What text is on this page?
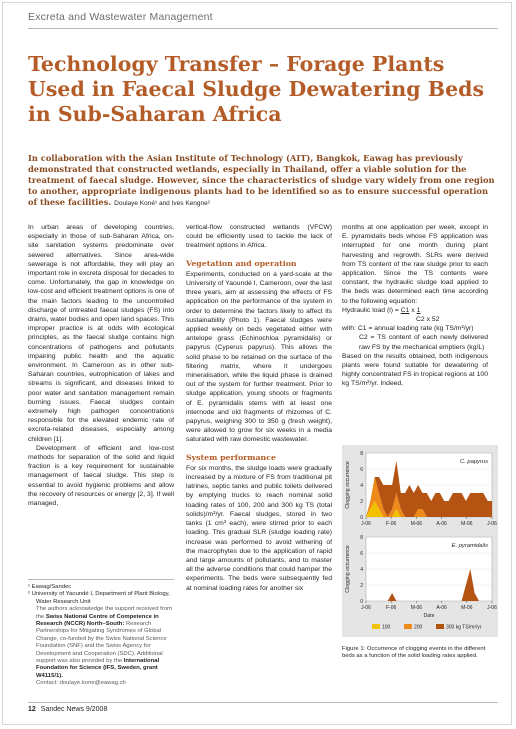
Excreta and Wastewater Management
Technology Transfer – Forage Plants Used in Faecal Sludge Dewatering Beds in Sub-Saharan Africa

In collaboration with the Asian Institute of Technology (AIT), Bangkok, Eawag has previously demonstrated that constructed wetlands, especially in Thailand, offer a viable solution for the treatment of faecal sludge. However, since the characteristics of sludge vary widely from one region to another, appropriate indigenous plants had to be identified so as to ensure successful operation of these facilities. Doulaye Koné¹ and Ives Kengne²

In urban areas of developing countries, especially in those of sub-Saharan Africa, on-site sanitation systems predominate over sewered alternatives. Since area-wide sewerage is not affordable, they will play an important role in excreta disposal for decades to come. Unfortunately, the gap in knowledge on low-cost and efficient treatment options is one of the main factors leading to the uncontrolled discharge of untreated faecal sludges (FS) into drains, water bodies and open land spaces. This improper practice is at odds with ecological principles, as the faecal sludge contains high concentrations of pathogens and pollutants impairing public health and the aquatic environment. In Cameroon as in other sub-Saharan countries, eutrophication of lakes and streams is significant, and diseases linked to poor water and sanitation management remain burning issues. Faecal sludges contain extremely high pathogen concentrations responsible for the elevated endemic rate of excreta-related diseases, especially among children [1].

Development of efficient and low-cost methods for separation of the solid and liquid fraction is a key requirement for sustainable management of faecal sludge. This step is essential to avoid hygienic problems and allow the recovery of resources or energy [2, 3]. If well managed,

¹ Eawag/Sandec

² University of Yaoundé I, Department of Plant Biology, Water Research Unit

The authors acknowledge the support received from the Swiss National Centre of Competence in Research (NCCR) North–South: Research Partnerships for Mitigating Syndromes of Global Change, co-funded by the Swiss National Science Foundation (SNF) and the Swiss Agency for Development and Cooperation (SDC). Additional support was also provided by the International Foundation for Science (IFS, Sweden, grant W4115/1).

Contact: doulaye.kone@eawag.ch

vertical-flow constructed wetlands (VFCW) could be efficiently used to tackle the lack of treatment options in Africa.

Vegetation and operation

Experiments, conducted on a yard-scale at the University of Yaoundé I, Cameroon, over the last three years, aim at assessing the effects of FS application on the performance of the system in order to determine the factors likely to affect its sustainability (Photo 1). Faecal sludges were applied weekly on beds vegetated either with antelope grass (Echinochloa pyramidalis) or papyrus (Cyperus papyrus). This allows the solid phase to be retained on the surface of the filtering matrix, where it undergoes mineralisation, while the liquid phase is drained out of the system for further treatment. Prior to sludge application, young shoots or fragments of E. pyramidalis stems with at least one internode and old fragments of rhizomes of C. papyrus, weighing 300 to 350 g (fresh weight), were allowed to grow for six weeks in a media saturated with raw domestic wastewater.

System performance

For six months, the sludge loads were gradually increased by a mixture of FS from traditional pit latrines, septic tanks and public toilets delivered by emptying trucks to reach nominal solid loading rates of 100, 200 and 300 kg TS (total solids)/m²/yr. Faecal sludges, stored in two tanks (1 cm³ each), were stirred prior to each loading. This gradual SLR (sludge loading rate) increase was performed to avoid withering of the macrophytes due to the application of rapid and large amounts of pollutants, and to master all the adverse conditions that could hamper the experiments. The beds were subsequently fed at nominal loading rates for another six

months at one application per week, except in E. pyramidalis beds whose FS application was interrupted for one month during plant harvesting and regrowth. SLRs were derived from TS content of the raw sludge prior to each application. Since the TS contents were constant, the hydraulic sludge load applied to the beds was determined each time according to the following equation:

Hydraulic load (l) = C1 x 1
C2 x 52

with: C1 = annual loading rate (kg TS/m²/yr)

C2 = TS content of each newly delivered raw FS by the mechanical emptiers (kg/L)

Based on the results obtained, both indigenous plants were found suitable for dewatering of highly concentrated FS in tropical regions at 100 kg TS/m²/yr. Indeed,

0
2
4
6
8
J-06	F-06	M-06	A-06	M-06	J-06
C. papyrus
Clogging occurrence
0
2
4
6
8
J-06	F-06	M-06	A-06	M-06	J-06
E. pyramidalis
Clogging occurrence
Date
100	200	300 kg TS/m²/yr
Figure 1: Occurrence of clogging events in the different beds as a function of the solid loading rates applied.
12 Sandec News 9/2008
